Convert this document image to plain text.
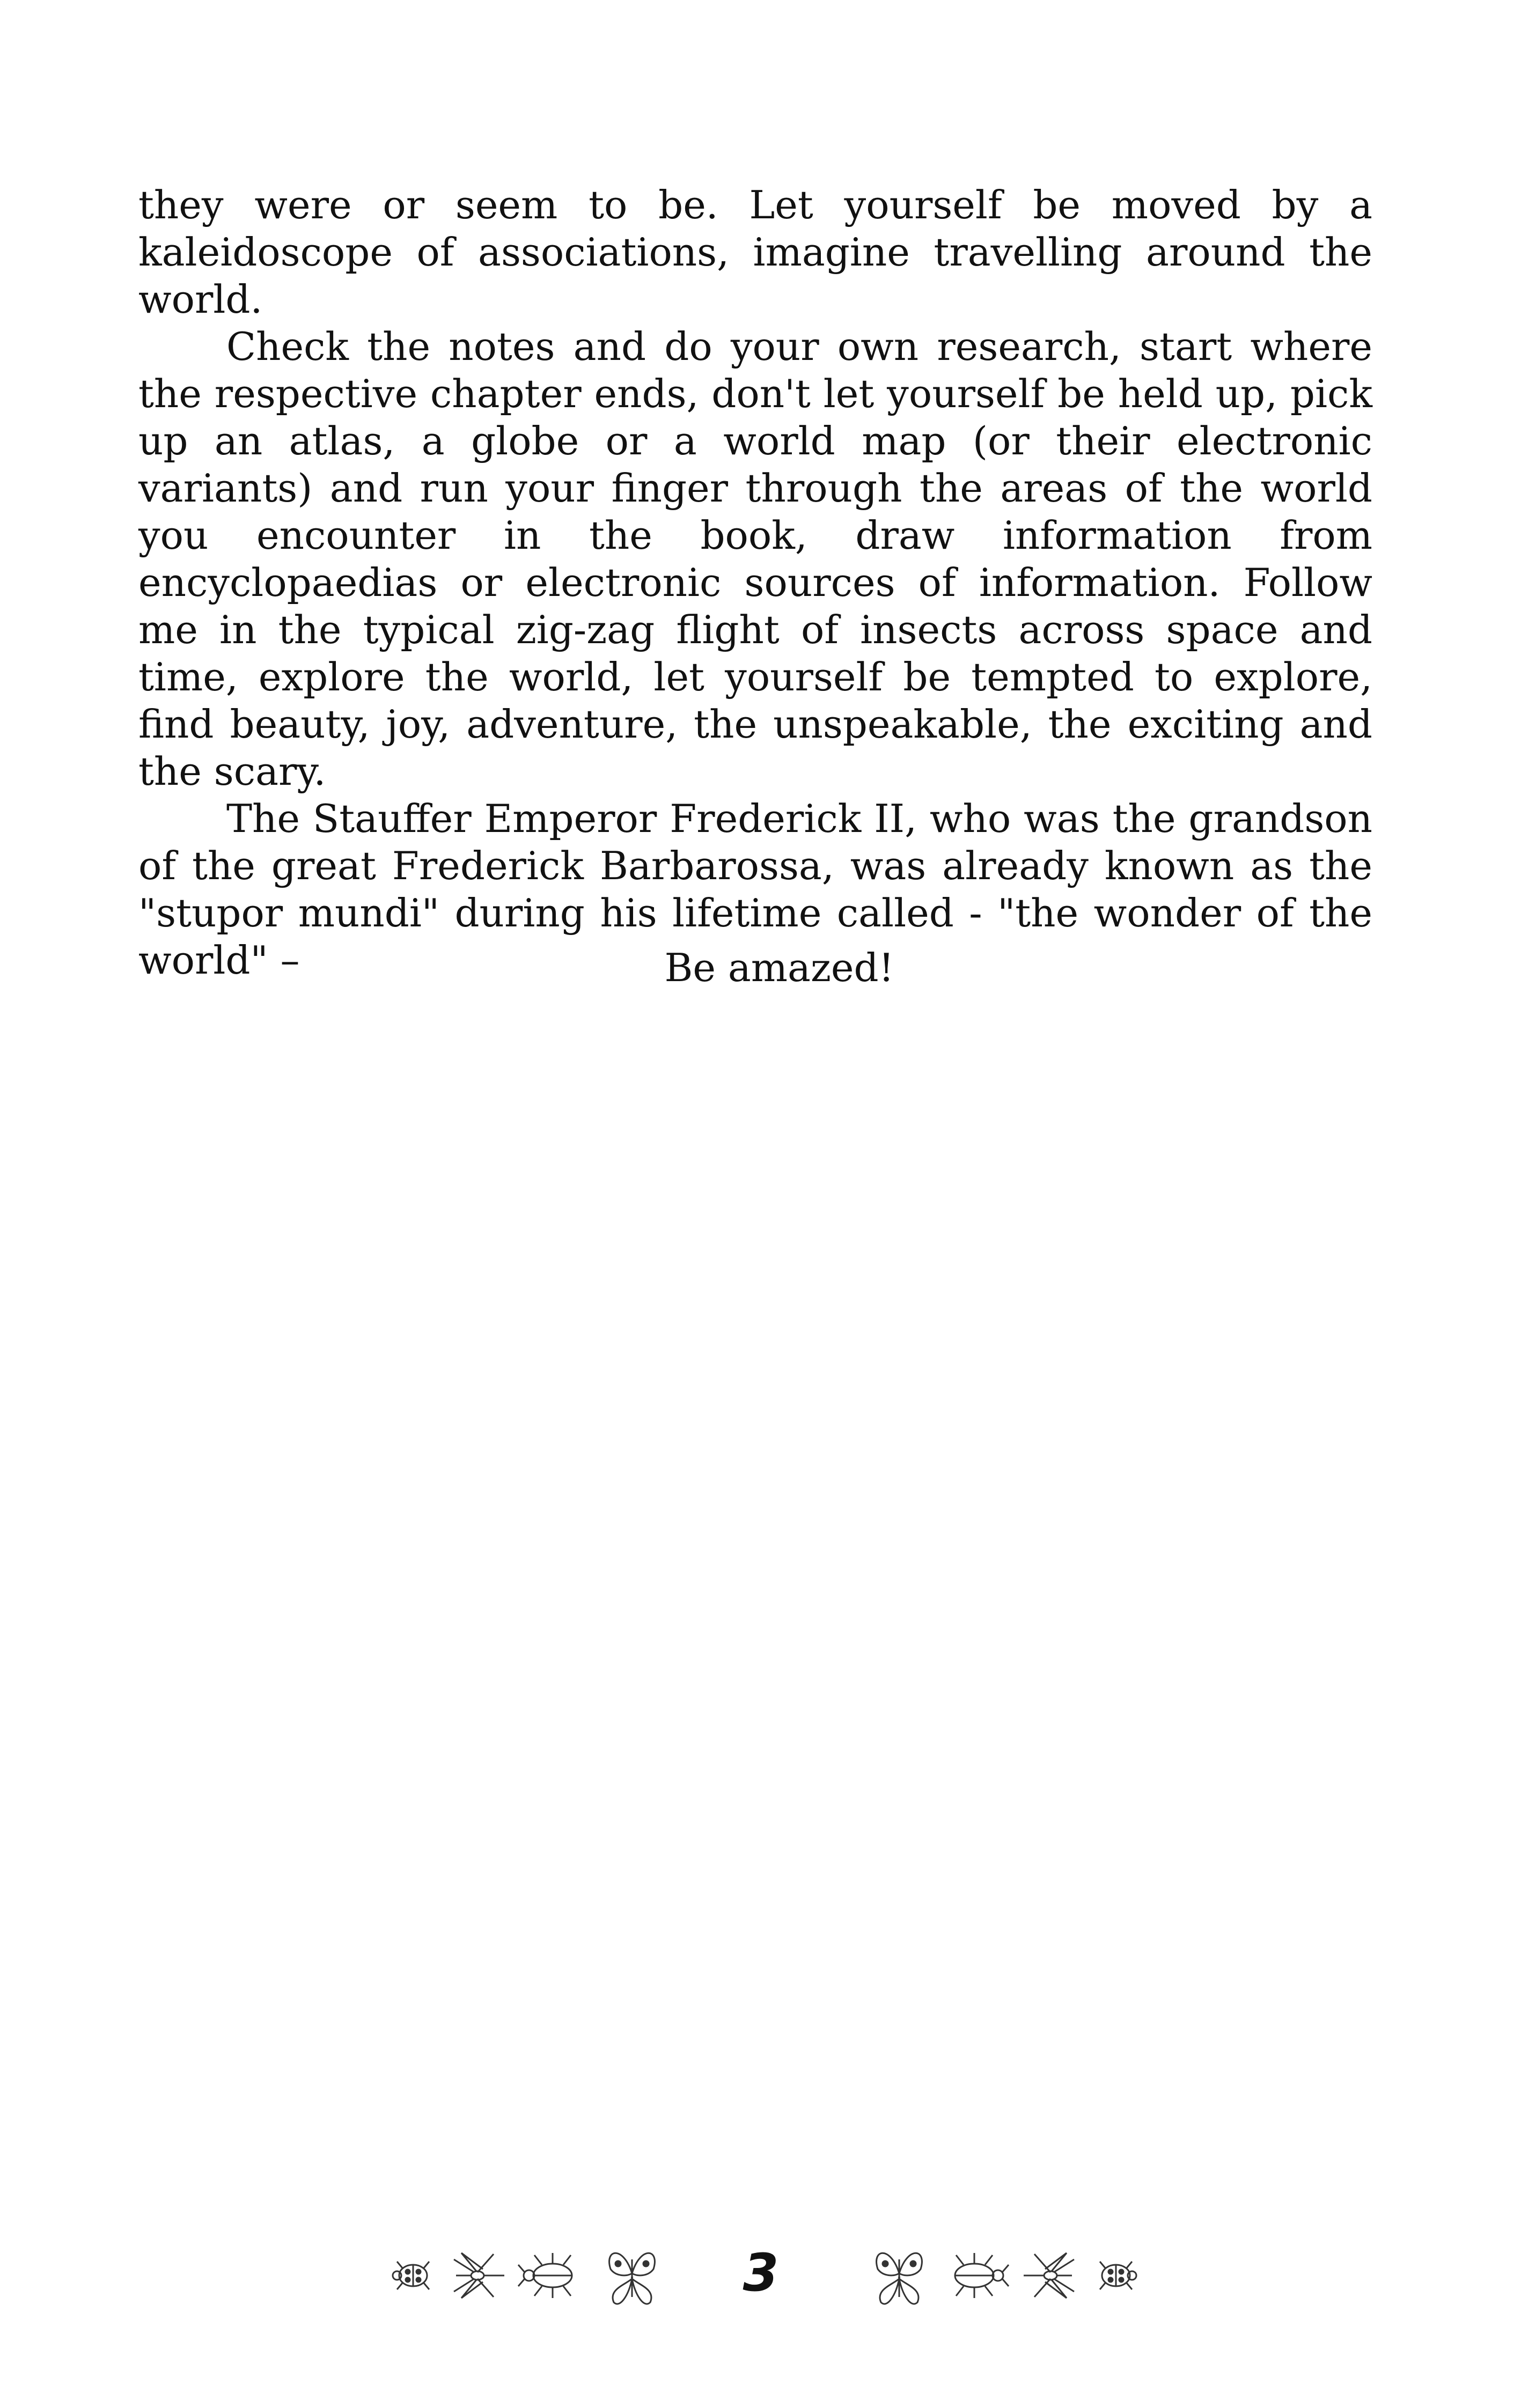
they were or seem to be. Let yourself be moved by a kaleidoscope of associations, imagine travelling around the world.

Check the notes and do your own research, start where the respective chapter ends, don't let yourself be held up, pick up an atlas, a globe or a world map (or their electronic variants) and run your finger through the areas of the world you encounter in the book, draw information from encyclopaedias or electronic sources of information. Follow me in the typical zig-zag flight of insects across space and time, explore the world, let yourself be tempted to explore, find beauty, joy, adventure, the unspeakable, the exciting and the scary.

The Stauffer Emperor Frederick II, who was the grandson of the great Frederick Barbarossa, was already known as the "stupor mundi" during his lifetime called - "the wonder of the world" –	Be amazed!
3
